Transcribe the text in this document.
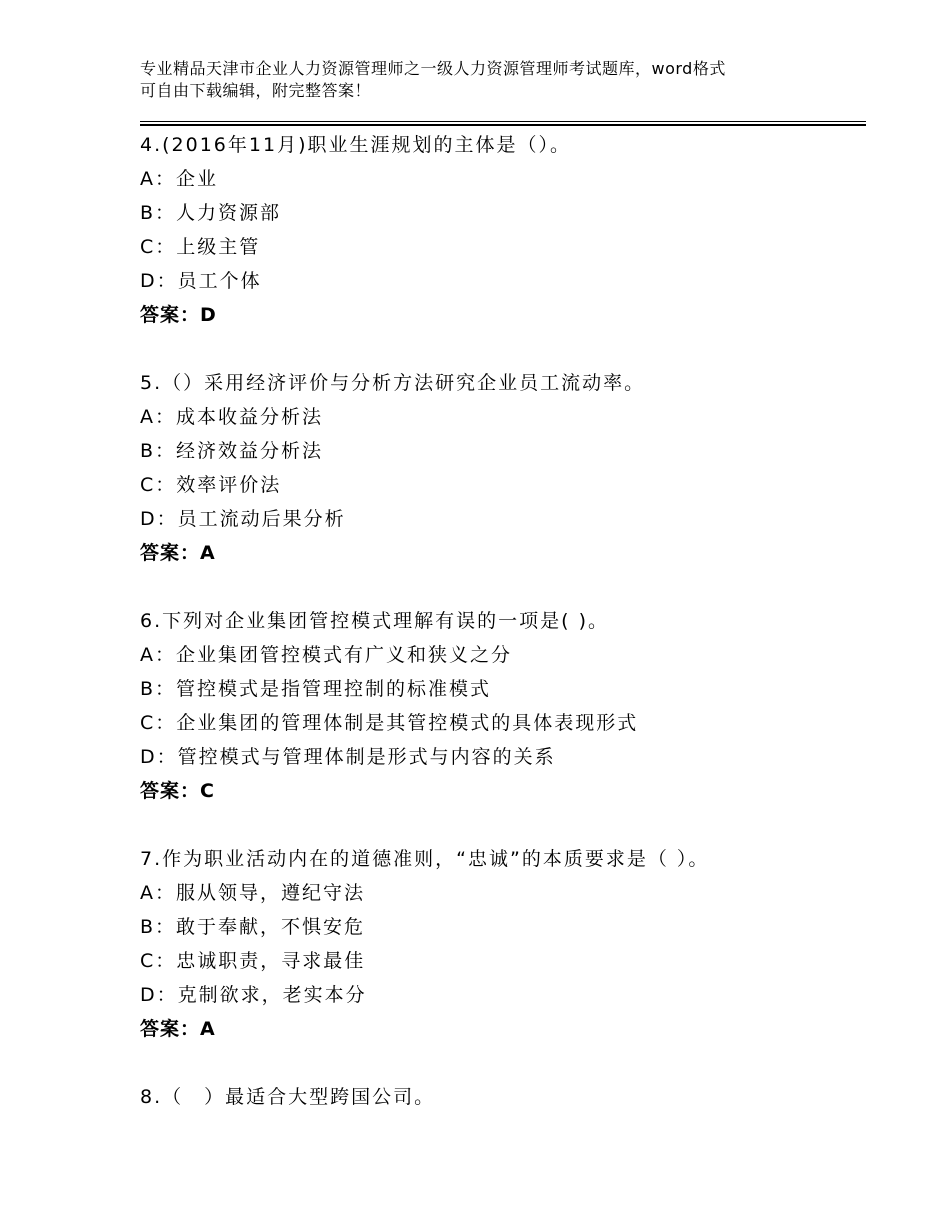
专业精品天津市企业人力资源管理师之一级人力资源管理师考试题库，word格式
可自由下载编辑，附完整答案！
4.(2016年11月)职业生涯规划的主体是（）。
A：企业
B：人力资源部
C：上级主管
D：员工个体
答案：D
5.（）采用经济评价与分析方法研究企业员工流动率。
A：成本收益分析法
B：经济效益分析法
C：效率评价法
D：员工流动后果分析
答案：A
6.下列对企业集团管控模式理解有误的一项是( )。
A：企业集团管控模式有广义和狭义之分
B：管控模式是指管理控制的标准模式
C：企业集团的管理体制是其管控模式的具体表现形式
D：管控模式与管理体制是形式与内容的关系
答案：C
7.作为职业活动内在的道德准则，“忠诚”的本质要求是（ ）。
A：服从领导，遵纪守法
B：敢于奉献，不惧安危
C：忠诚职责，寻求最佳
D：克制欲求，老实本分
答案：A
8.（　）最适合大型跨国公司。
